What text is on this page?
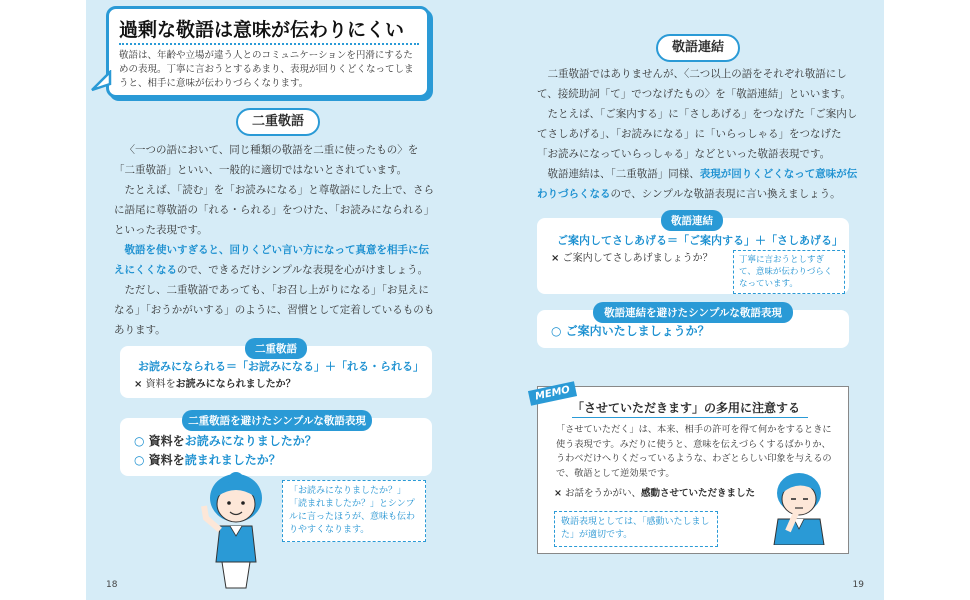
過剰な敬語は意味が伝わりにくい
敬語は、年齢や立場が違う人とのコミュニケーションを円滑にするための表現。丁寧に言おうとするあまり、表現が回りくどくなってしまうと、相手に意味が伝わりづらくなります。
二重敬語

〈一つの語において、同じ種類の敬語を二重に使ったもの〉を「二重敬語」といい、一般的に適切ではないとされています。

たとえば、「読む」を「お読みになる」と尊敬語にした上で、さらに語尾に尊敬語の「れる・られる」をつけた、「お読みになられる」といった表現です。

敬語を使いすぎると、回りくどい言い方になって真意を相手に伝えにくくなるので、できるだけシンプルな表現を心がけましょう。

ただし、二重敬語であっても、「お召し上がりになる」「お見えになる」「おうかがいする」のように、習慣として定着しているものもあります。

お読みになられる＝「お読みになる」＋「れる・られる」
× 資料をお読みになられましたか？
二重敬語
○ 資料をお読みになりましたか？
○ 資料を読まれましたか？
二重敬語を避けたシンプルな敬語表現
「お読みになりましたか？」「読まれましたか？」とシンプルに言ったほうが、意味も伝わりやすくなります。
18
敬語連結

二重敬語ではありませんが、〈二つ以上の語をそれぞれ敬語にして、接続助詞「て」でつなげたもの〉を「敬語連結」といいます。

たとえば、「ご案内する」に「さしあげる」をつなげた「ご案内してさしあげる」、「お読みになる」に「いらっしゃる」をつなげた「お読みになっていらっしゃる」などといった敬語表現です。

敬語連結は、「二重敬語」同様、表現が回りくどくなって意味が伝わりづらくなるので、シンプルな敬語表現に言い換えましょう。

ご案内してさしあげる＝「ご案内する」＋「さしあげる」
× ご案内してさしあげましょうか？	丁寧に言おうとしすぎて、意味が伝わりづらくなっています。
敬語連結
○ ご案内いたしましょうか？
敬語連結を避けたシンプルな敬語表現
「させていただきます」の多用に注意する
「させていただく」は、本来、相手の許可を得て何かをするときに使う表現です。みだりに使うと、意味を伝えづらくするばかりか、うわべだけへりくだっているような、わざとらしい印象を与えるので、敬語として逆効果です。
× お話をうかがい、感動させていただきました
敬語表現としては、「感動いたしました」が適切です。
MEMO
19
